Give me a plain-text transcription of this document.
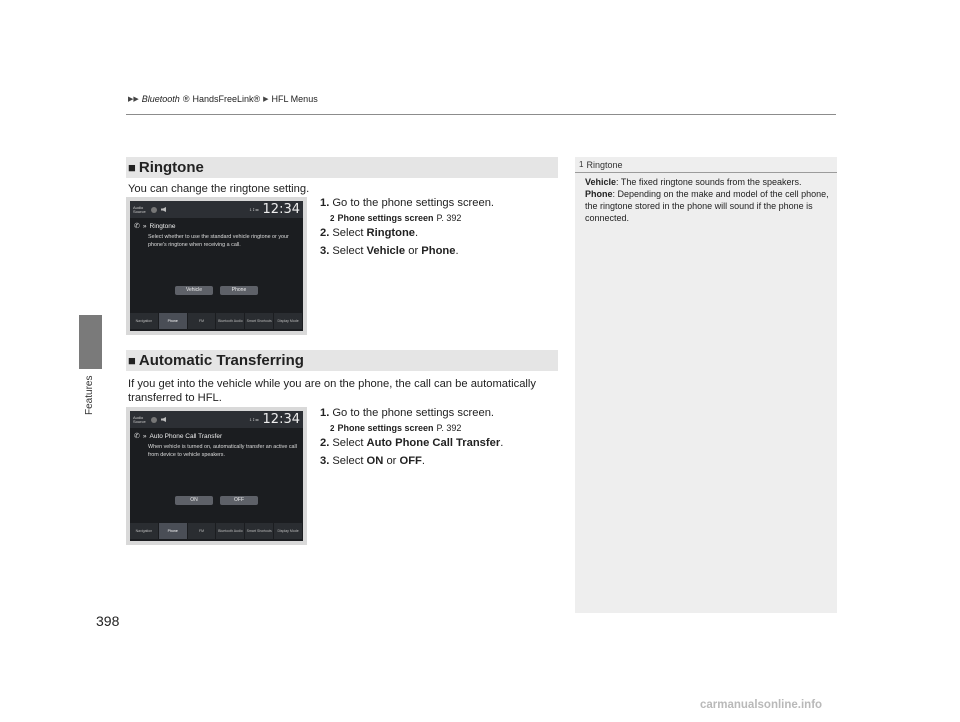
▶▶ Bluetooth ® HandsFreeLink® ▶ HFL Menus
Features
■ Ringtone
You can change the ringtone setting.
1. Go to the phone settings screen.
2 Phone settings screen P. 392
2. Select
Ringtone .
3. Select
Vehicle
or
Phone .
Audio Source	1 ⟟ ▭ 12:34
✆ » Ringtone
Select whether to use the standard vehicle ringtone or your phone's ringtone when receiving a call.
Vehicle	Phone
Navigation	Phone	FM	Bluetooth Audio	Smart Shortcuts	Display Mode
■ Automatic Transferring
If you get into the vehicle while you are on the phone, the call can be automatically
transferred to HFL.
1. Go to the phone settings screen.
2 Phone settings screen P. 392
2. Select
Auto Phone Call Transfer .
3. Select
ON
or
OFF .
Audio Source	1 ⟟ ▭ 12:34
✆ » Auto Phone Call Transfer
When vehicle is turned on, automatically transfer an active call from device to vehicle speakers.
ON	OFF
Navigation	Phone	FM	Bluetooth Audio	Smart Shortcuts	Display Mode
1 Ringtone

Vehicle: The fixed ringtone sounds from the speakers.

Phone: Depending on the make and model of the cell phone, the ringtone stored in the phone will sound if the phone is connected.

398
carmanualsonline.info
